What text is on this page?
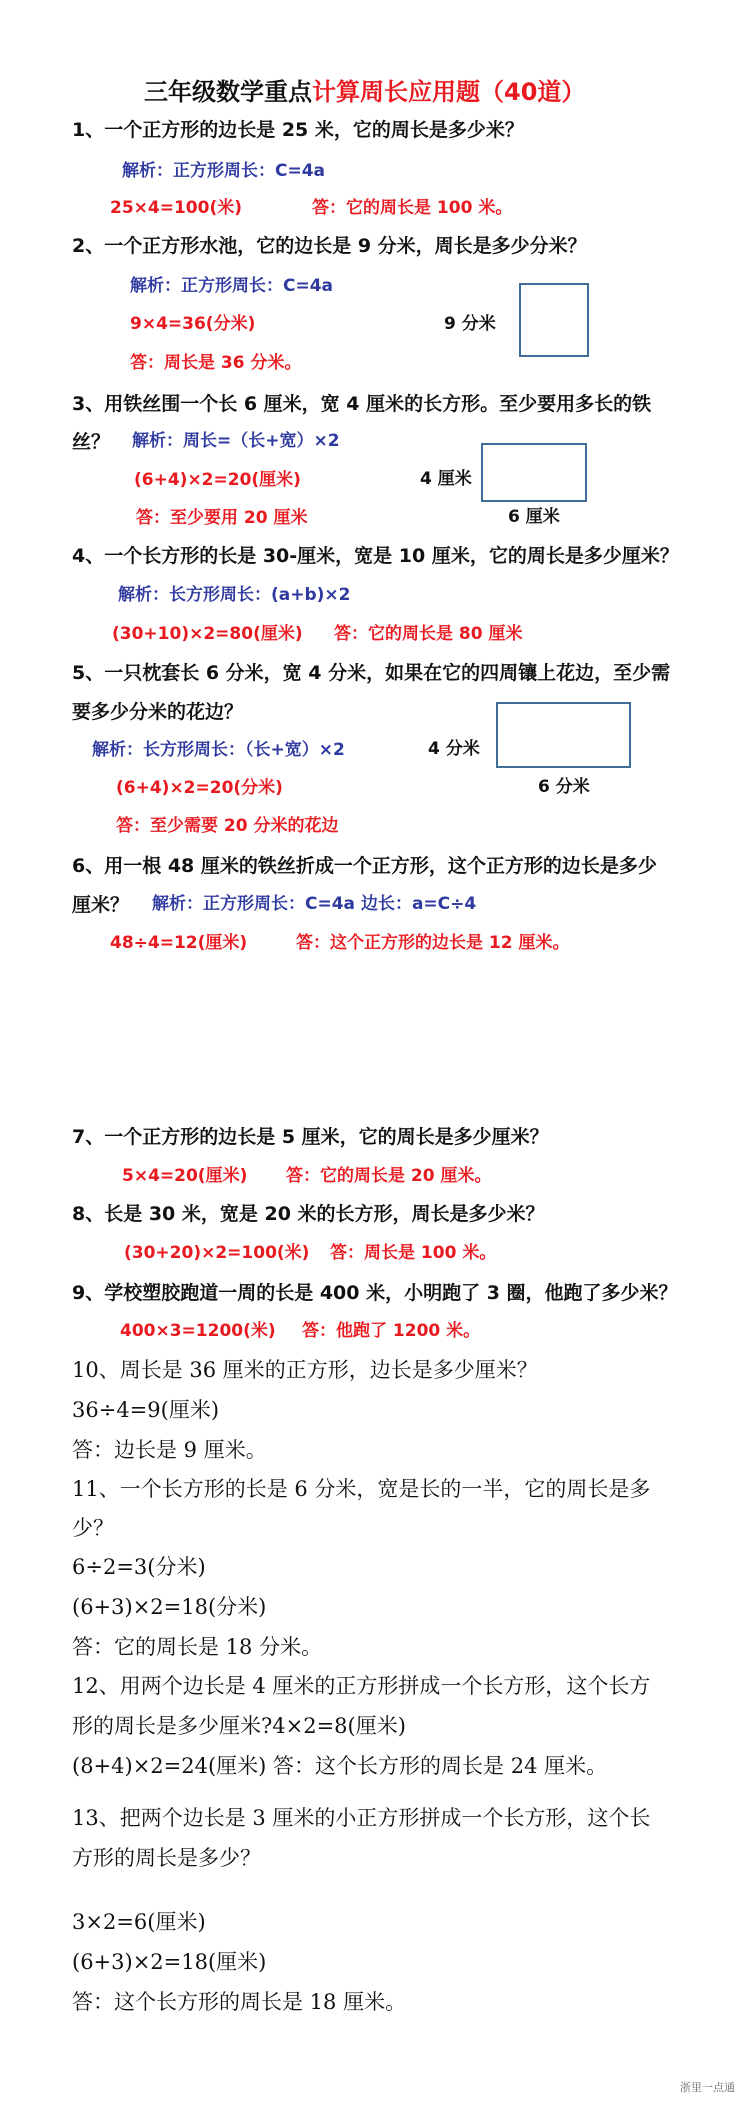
三年级数学重点计算周长应用题（40道）
1、一个正方形的边长是 25 米，它的周长是多少米？
解析：正方形周长：C=4a
25×4=100(米)	答：它的周长是 100 米。
2、一个正方形水池，它的边长是 9 分米，周长是多少分米？
解析：正方形周长：C=4a
9×4=36(分米)	9 分米
答：周长是 36 分米。
3、用铁丝围一个长 6 厘米，宽 4 厘米的长方形。至少要用多长的铁
丝？ 解析：周长=（长+宽）×2
(6+4)×2=20(厘米)	4 厘米
6 厘米
答：至少要用 20 厘米
4、一个长方形的长是 30-厘米，宽是 10 厘米，它的周长是多少厘米？
解析：长方形周长：(a+b)×2
(30+10)×2=80(厘米) 答：它的周长是 80 厘米
5、一只枕套长 6 分米，宽 4 分米，如果在它的四周镶上花边，至少需
要多少分米的花边？
解析：长方形周长：（长+宽）×2	4 分米
(6+4)×2=20(分米)	6 分米
答：至少需要 20 分米的花边
6、用一根 48 厘米的铁丝折成一个正方形，这个正方形的边长是多少
厘米？ 解析：正方形周长：C=4a 边长：a=C÷4
48÷4=12(厘米)	答：这个正方形的边长是 12 厘米。
7、一个正方形的边长是 5 厘米，它的周长是多少厘米？
5×4=20(厘米) 答：它的周长是 20 厘米。
8、长是 30 米，宽是 20 米的长方形，周长是多少米？
(30+20)×2=100(米) 答：周长是 100 米。
9、学校塑胶跑道一周的长是 400 米，小明跑了 3 圈，他跑了多少米？
400×3=1200(米) 答：他跑了 1200 米。
10、周长是 36 厘米的正方形，边长是多少厘米？
36÷4=9(厘米)
答：边长是 9 厘米。
11、一个长方形的长是 6 分米，宽是长的一半，它的周长是多
少？
6÷2=3(分米)
(6+3)×2=18(分米)
答：它的周长是 18 分米。
12、用两个边长是 4 厘米的正方形拼成一个长方形，这个长方
形的周长是多少厘米?4×2=8(厘米)
(8+4)×2=24(厘米) 答：这个长方形的周长是 24 厘米。
13、把两个边长是 3 厘米的小正方形拼成一个长方形，这个长
方形的周长是多少？
3×2=6(厘米)
(6+3)×2=18(厘米)
答：这个长方形的周长是 18 厘米。
浙里一点通
